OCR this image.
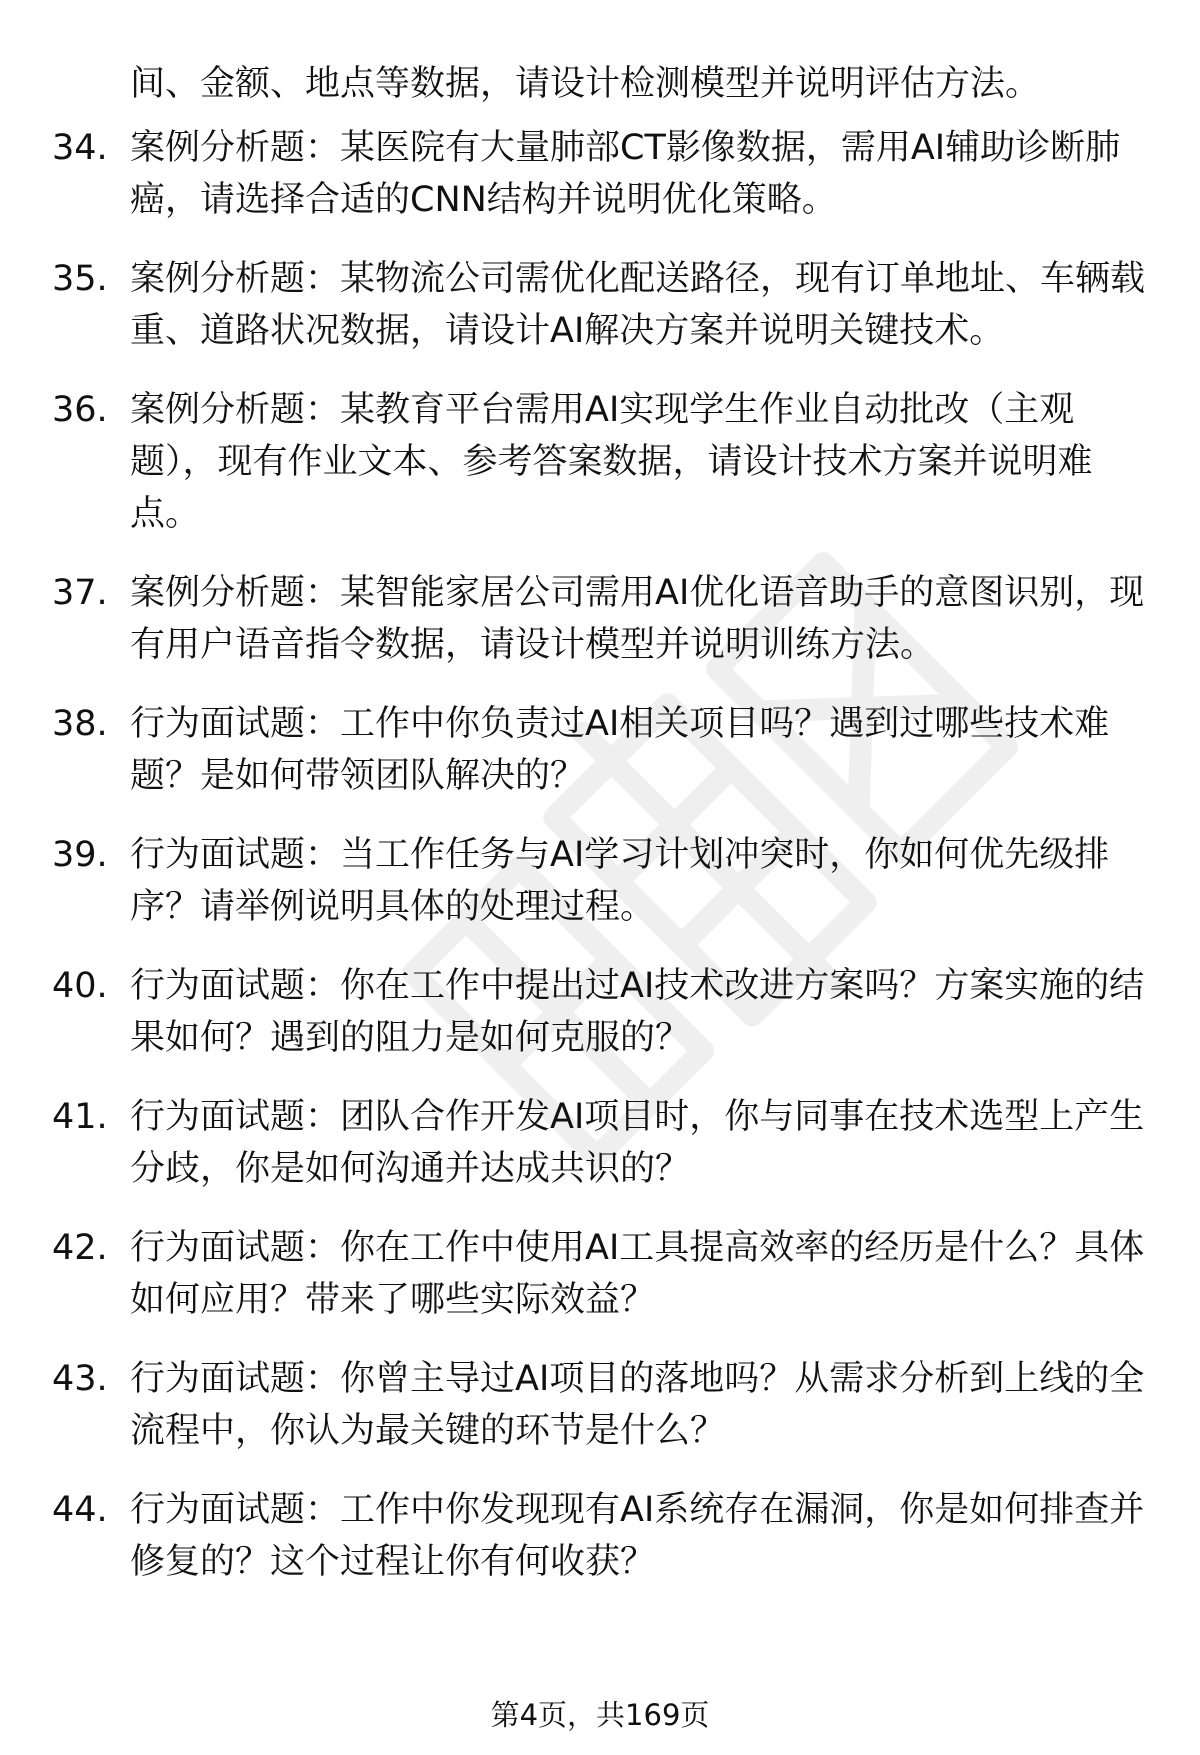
间、金额、地点等数据，请设计检测模型并说明评估方法。
34. 案例分析题：某医院有大量肺部CT影像数据，需用AI辅助诊断肺癌，请选择合适的CNN结构并说明优化策略。
35. 案例分析题：某物流公司需优化配送路径，现有订单地址、车辆载重、道路状况数据，请设计AI解决方案并说明关键技术。
36. 案例分析题：某教育平台需用AI实现学生作业自动批改（主观题），现有作业文本、参考答案数据，请设计技术方案并说明难点。
37. 案例分析题：某智能家居公司需用AI优化语音助手的意图识别，现有用户语音指令数据，请设计模型并说明训练方法。
38. 行为面试题：工作中你负责过AI相关项目吗？遇到过哪些技术难题？是如何带领团队解决的？
39. 行为面试题：当工作任务与AI学习计划冲突时，你如何优先级排序？请举例说明具体的处理过程。
40. 行为面试题：你在工作中提出过AI技术改进方案吗？方案实施的结果如何？遇到的阻力是如何克服的？
41. 行为面试题：团队合作开发AI项目时，你与同事在技术选型上产生分歧，你是如何沟通并达成共识的？
42. 行为面试题：你在工作中使用AI工具提高效率的经历是什么？具体如何应用？带来了哪些实际效益？
43. 行为面试题：你曾主导过AI项目的落地吗？从需求分析到上线的全流程中，你认为最关键的环节是什么？
44. 行为面试题：工作中你发现现有AI系统存在漏洞，你是如何排查并修复的？这个过程让你有何收获？
第4页，共169页
